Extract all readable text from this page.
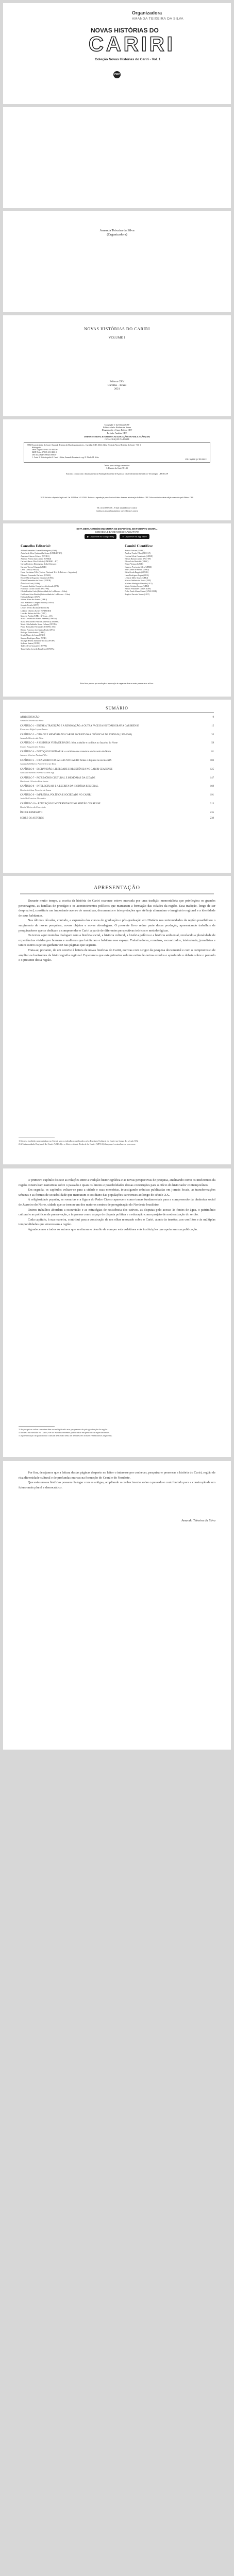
Organizadora
AMANDA TEIXEIRA DA SILVA
NOVAS HISTÓRIAS DO
CARIRI
Coleção Novas Histórias do Cariri - Vol. 1
CRV
Amanda Teixeira da Silva
(Organizadora)
NOVAS HISTÓRIAS DO CARIRI
VOLUME 1
Editora CRV
Curitiba – Brasil
2021
Copyright © da Editora CRV
Editora-chefe: Railane de Souza
Diagramação e Capa: Editora CRV
Revisão: Analista CRV
DADOS INTERNACIONAIS DE CATALOGAÇÃO NA PUBLICAÇÃO (CIP)
CATALOGAÇÃO NA FONTE
N936 Novas histórias do Cariri / Amanda Teixeira da Silva (organizadora). – Curitiba : CRV, 2021. 244 p. (Coleção Novas Histórias do Cariri - Vol. 1)
Bibliografia
ISBN Digital 978-65-251-0000-0
ISBN Físico 978-65-251-0000-0
DOI 10.24824/978652510000.0
1. Cariri 2. Historiografia 3. Ceará I. Silva, Amanda Teixeira da. org. II. Título III. Série
CDU 94(813.1) CDD 981.31
Índice para catálogo sistemático
1. História do Cariri 981.31
Esta obra contou com o financiamento da Fundação Cearense de Apoio ao Desenvolvimento Científico e Tecnológico – FUNCAP
2021 Foi feito o depósito legal conf. Lei 10.994 de 14/12/2004. Proibida a reprodução parcial ou total desta obra sem autorização da Editora CRV. Todos os direitos desta edição reservados pela Editora CRV.
Tel.: (41) 3039-6418 – E-mail: sac@editoracrv.com.br
Conheça os nossos lançamentos: www.editoracrv.com.br
ESTA OBRA TAMBÉM ENCONTRA-SE DISPONÍVEL EM FORMATO DIGITAL.
CONHEÇA E BAIXE NOSSO APLICATIVO!
▶ Disponível no Google Play	● Disponível na App Store
Conselho Editorial:
Aldira Guimarães Duarte Domínguez (UNB)
Andréia da Silva Quintanilha Sousa (UNIR/UFRN)
Anselmo Alencar Colares (UFOPA)
Antônio Pereira Gaio Júnior (UFRRJ)
Carlos Alberto Vilar Estêvão (UMINHO – PT)
Carlos Federico Dominguez Avila (Unieuro)
Carmen Tereza Velanga (UNIR)
Celso Conti (UFSCar)
Cesar Gerónimo Tello (Univer. Nacional Três de Febrero – Argentina)
Eduardo Fernandes Barbosa (UFMG)
Elione Maria Nogueira Diogenes (UFAL)
Elizeu Clementino de Souza (UNEB)
Élsio José Corá (UFFS)
Fernando Antônio Gonçalves Alcoforado (IPB)
Francisco Carlos Duarte (PUC-PR)
Gloria Fariñas León (Universidade de La Havana – Cuba)
Guillermo Arias Beatón (Universidade de La Havana – Cuba)
Helmuth Krüger (UCP)
Jailson Alves dos Santos (UFRJ)
João Adalberto Campato Junior (UNESP)
Josania Portela (UFPI)
Leonel Severo Rocha (UNISINOS)
Lídia de Oliveira Xavier (UNIEURO)
Lourdes Helena da Silva (UFV)
Marcelo Paixão (UFRJ e UTexas – US)
Maria Cristina dos Santos Bezerra (UFSCar)
Maria de Lourdes Pinto de Almeida (UNOESC)
Maria Lília Imbiriba Sousa Colares (UFOPA)
Paulo Romualdo Hernandes (UNIFAL-MG)
Renato Francisco dos Santos Paula (UFG)
Rodrigo Pratte-Santos (UFES)
Sergio Nunes de Jesus (IFRO)
Simone Rodrigues Pinto (UNB)
Solange Helena Ximenes-Rocha (UFOPA)
Sydione Santos (UEPG)
Tadeu Oliver Gonçalves (UFPA)
Tania Suely Azevedo Brasileiro (UFOPA)
Comitê Científico:
Adauto Novaes (UFAC)
Amilcar Torrão Filho (PUC-SP)
Cristina Sílvia Cavalcante (UFRN)
Edison Bariani Junior (PUC-SP)
Edson Luiz Bertoldo (UFSC)
Eliane Ventura (UNIR)
Gustavo Pereira da Silva (UFRR)
José Cleber de Freitas (UFRJ)
Kátia Gerab Baggio (UFMG)
Lana Rodrigues Lopes (UEG)
Lívia de Melo Souza (UFRJ)
Marcos Antônio de Souza (UFF)
Marlene Medaglia Almeida (UFT)
Maria Cristina Crespo (UFRJ)
Nelson Fernandes Gomes (USP)
Pedro Paulo Abreu Funari (UNICAMP)
Rogério Ferreira Nunes (UCP)
Este livro passou por avaliação e aprovação às cegas de dois ou mais pareceristas ad hoc.
SUMÁRIO
APRESENTAÇÃO	9
Amanda Teixeira da Silva
CAPÍTULO 1 – ENTRE A TRADIÇÃO E A RENOVAÇÃO: A OUTRA FACE DA HISTORIOGRAFIA CARIRIENSE	15
Francisco Régis Lopes Ramos
CAPÍTULO 2 – CIDADE E MEMÓRIA NO CARIRI: O CRATO NAS CRÔNICAS DE JORNAIS (1950-1960)	35
Amanda Teixeira da Silva
CAPÍTULO 3 – A HISTÓRIA VISTA DE BAIXO: feira, trabalho e conflitos no Juazeiro do Norte	59
Cicero Joaquim dos Santos
CAPÍTULO 4 – DEVOÇÃO E ROMARIA: o cotidiano dos romeiros em Juazeiro do Norte	81
Antonio Vitorino Farias Filho
CAPÍTULO 5 – O CAMINHO DAS ÁGUAS NO CARIRI: fontes e disputas no século XIX	103
Ana Isabel Ribeiro Parente Cortez Reis
CAPÍTULO 6 – ESCRAVIDÃO, LIBERDADE E RESISTÊNCIA NO CARIRI CEARENSE	125
Ana Sara Ribeiro Parente Cortez Irffi
CAPÍTULO 7 – PATRIMÔNIO CULTURAL E MEMÓRIAS DA CIDADE	147
Darlan de Oliveira Reis Junior
CAPÍTULO 8 – INTELECTUAIS E A ESCRITA DA HISTÓRIA REGIONAL	169
Maria Arleilma Ferreira de Sousa
CAPÍTULO 9 – IMPRENSA, POLÍTICA E SOCIEDADE NO CARIRI	191
Jucieldo Ferreira Alexandre
CAPÍTULO 10 – EDUCAÇÃO E MODERNIDADE NO SERTÃO CEARENSE	213
Maria Telvira da Conceição
ÍNDICE REMISSIVO	235
SOBRE OS AUTORES	239
APRESENTAÇÃO

Durante muito tempo, a escrita da história do Cariri cearense esteve marcada por uma tradição memorialista que privilegiou os grandes personagens, as famílias de prestígio e os acontecimentos políticos que marcaram a formação das cidades da região. Essa tradição, longe de ser desprezível, constituiu um importante acervo de narrativas, documentos e interpretações que até hoje alimentam o imaginário regional e a identidade de seus habitantes.

Nas últimas décadas, contudo, a expansão dos cursos de graduação e pós-graduação em História nas universidades da região possibilitou o surgimento de novas pesquisas, novos objetos e novas abordagens. O presente livro reúne parte dessa produção, apresentando trabalhos de pesquisadores que se dedicam a compreender o Cariri a partir de diferentes perspectivas teóricas e metodológicas.

Os textos aqui reunidos dialogam com a história social, a história cultural, a história política e a história ambiental, revelando a pluralidade de experiências vividas por homens e mulheres que habitaram e habitam esse espaço. Trabalhadores, romeiros, escravizados, intelectuais, jornalistas e tantos outros sujeitos ganham voz nas páginas que seguem.

Trata-se, portanto, de um convite à leitura de novas histórias do Cariri, escritas com o rigor da pesquisa documental e com o compromisso de ampliar os horizontes da historiografia regional. Esperamos que este primeiro volume estimule outros estudos e aprofunde o debate sobre o passado e o presente desta região.

1 Sobre a tradição memorialista no Cariri, ver os trabalhos publicados pelo Instituto Cultural do Cariri ao longo do século XX.
2 A Universidade Regional do Cariri (URCA) e a Universidade Federal do Cariri (UFCA) têm papel central nesse processo.

O primeiro capítulo discute as relações entre a tradição historiográfica e as novas perspectivas de pesquisa, analisando como os intelectuais da região construíram narrativas sobre o passado e quais os limites e possibilidades dessas construções para o ofício do historiador contemporâneo.

Em seguida, os capítulos voltam-se para a cidade e suas memórias, investigando crônicas publicadas em jornais locais, as transformações urbanas e as formas de sociabilidade que marcaram o cotidiano das populações caririenses ao longo do século XX.

A religiosidade popular, as romarias e a figura do Padre Cícero aparecem como temas fundamentais para a compreensão da dinâmica social de Juazeiro do Norte, cidade que se tornou um dos maiores centros de peregrinação do Nordeste brasileiro.

Outros trabalhos abordam a escravidão e as estratégias de resistência dos cativos, as disputas pelo acesso às fontes de água, o patrimônio cultural e as políticas de preservação, a imprensa como espaço de disputa política e a educação como projeto de modernização do sertão.

Cada capítulo, à sua maneira, contribui para a construção de um olhar renovado sobre o Cariri, atento às tensões, aos conflitos e às múltiplas temporalidades que atravessam a região.

Agradecemos a todos os autores que aceitaram o desafio de compor esta coletânea e às instituições que apoiaram sua publicação.

3 As pesquisas sobre romarias têm se multiplicado nos programas de pós-graduação da região.
4 Sobre a escravidão no Cariri, ver os estudos recentes publicados em periódicos especializados.
5 A preservação do patrimônio cultural tem sido tema de debates em fóruns e seminários regionais.

Por fim, desejamos que a leitura destas páginas desperte no leitor o interesse por conhecer, pesquisar e preservar a história do Cariri, região de rica diversidade cultural e de profundas marcas na formação do Ceará e do Nordeste.

Que estas novas histórias possam dialogar com as antigas, ampliando o conhecimento sobre o passado e contribuindo para a construção de um futuro mais plural e democrático.

Amanda Teixeira da Silva
